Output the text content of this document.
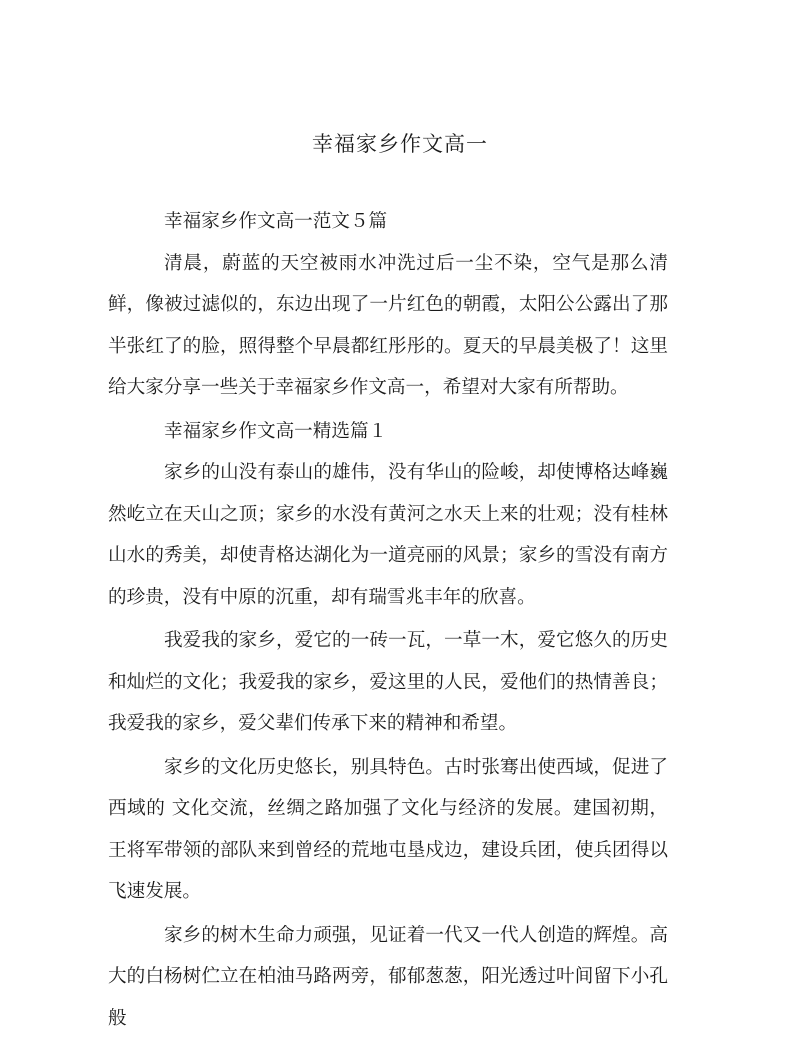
幸福家乡作文高一

幸福家乡作文高一范文５篇

清晨，蔚蓝的天空被雨水冲洗过后一尘不染，空气是那么清鲜，像被过滤似的，东边出现了一片红色的朝霞，太阳公公露出了那半张红了的脸，照得整个早晨都红彤彤的。夏天的早晨美极了！这里给大家分享一些关于幸福家乡作文高一，希望对大家有所帮助。

幸福家乡作文高一精选篇１

家乡的山没有泰山的雄伟，没有华山的险峻，却使博格达峰巍然屹立在天山之顶；家乡的水没有黄河之水天上来的壮观；没有桂林山水的秀美，却使青格达湖化为一道亮丽的风景；家乡的雪没有南方的珍贵，没有中原的沉重，却有瑞雪兆丰年的欣喜。

我爱我的家乡，爱它的一砖一瓦，一草一木，爱它悠久的历史和灿烂的文化；我爱我的家乡，爱这里的人民，爱他们的热情善良；我爱我的家乡，爱父辈们传承下来的精神和希望。

家乡的文化历史悠长，别具特色。古时张骞出使西域，促进了西域的 文化交流，丝绸之路加强了文化与经济的发展。建国初期，王将军带领的部队来到曾经的荒地屯垦戍边，建设兵团，使兵团得以飞速发展。

家乡的树木生命力顽强，见证着一代又一代人创造的辉煌。高大的白杨树伫立在柏油马路两旁，郁郁葱葱，阳光透过叶间留下小孔般
